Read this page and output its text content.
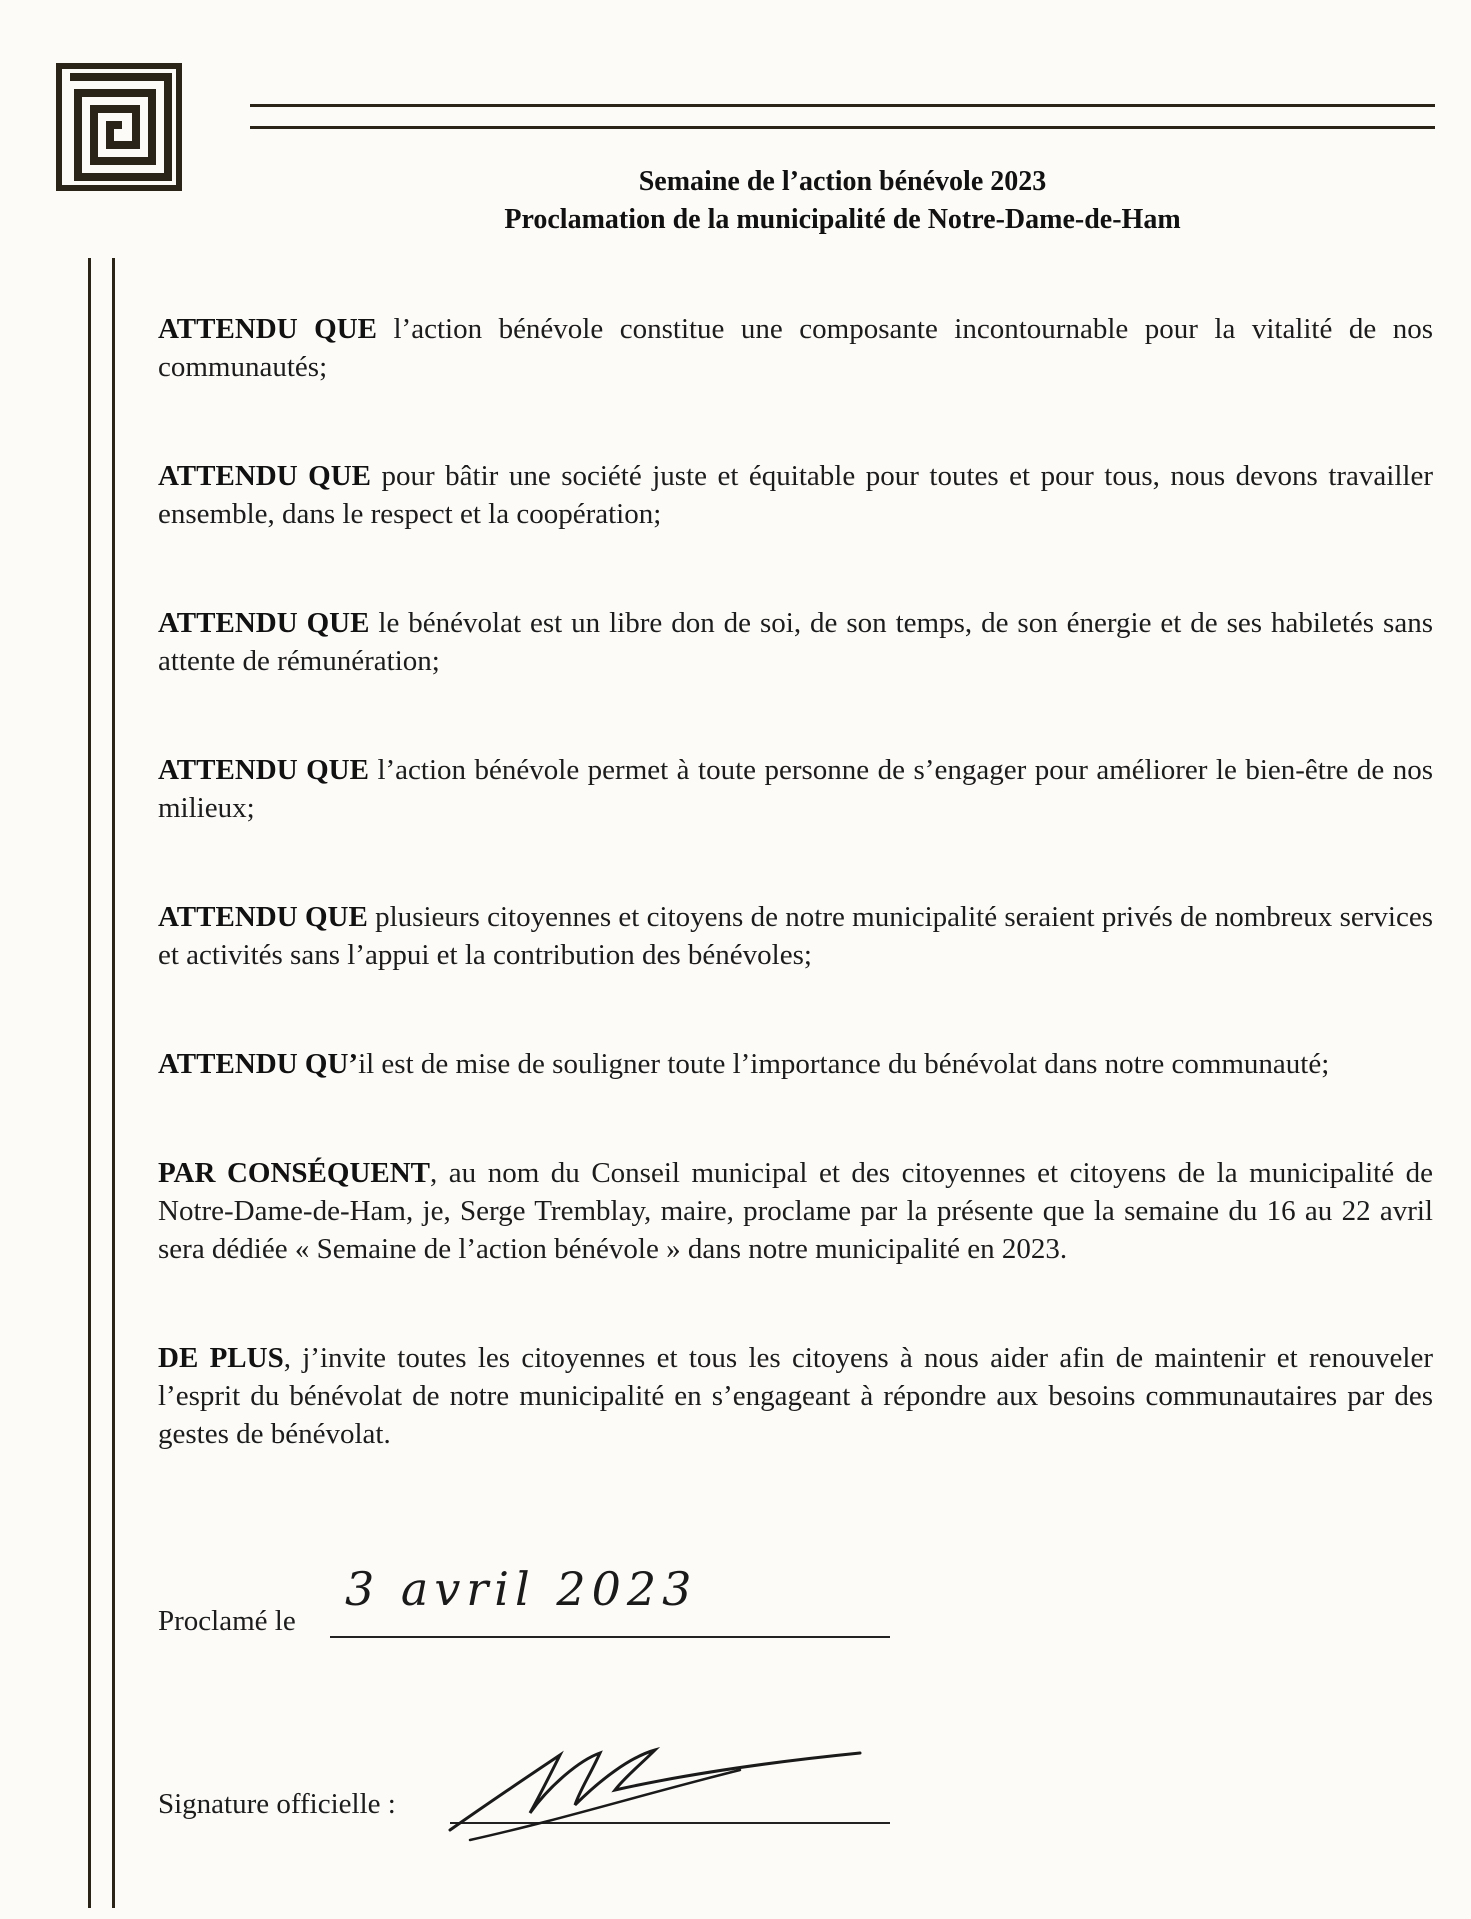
Semaine de l’action bénévole 2023
Proclamation de la municipalité de Notre-Dame-de-Ham

ATTENDU QUE l’action bénévole constitue une composante incontournable pour la vitalité de nos communautés;

ATTENDU QUE pour bâtir une société juste et équitable pour toutes et pour tous, nous devons travailler ensemble, dans le respect et la coopération;

ATTENDU QUE le bénévolat est un libre don de soi, de son temps, de son énergie et de ses habiletés sans attente de rémunération;

ATTENDU QUE l’action bénévole permet à toute personne de s’engager pour améliorer le bien-être de nos milieux;

ATTENDU QUE plusieurs citoyennes et citoyens de notre municipalité seraient privés de nombreux services et activités sans l’appui et la contribution des bénévoles;

ATTENDU QU’il est de mise de souligner toute l’importance du bénévolat dans notre communauté;

PAR CONSÉQUENT, au nom du Conseil municipal et des citoyennes et citoyens de la municipalité de Notre-Dame-de-Ham, je, Serge Tremblay, maire, proclame par la présente que la semaine du 16 au 22 avril sera dédiée « Semaine de l’action bénévole » dans notre municipalité en 2023.

DE PLUS, j’invite toutes les citoyennes et tous les citoyens à nous aider afin de maintenir et renouveler l’esprit du bénévolat de notre municipalité en s’engageant à répondre aux besoins communautaires par des gestes de bénévolat.

Proclamé le
3 avril 2023
Signature officielle :
